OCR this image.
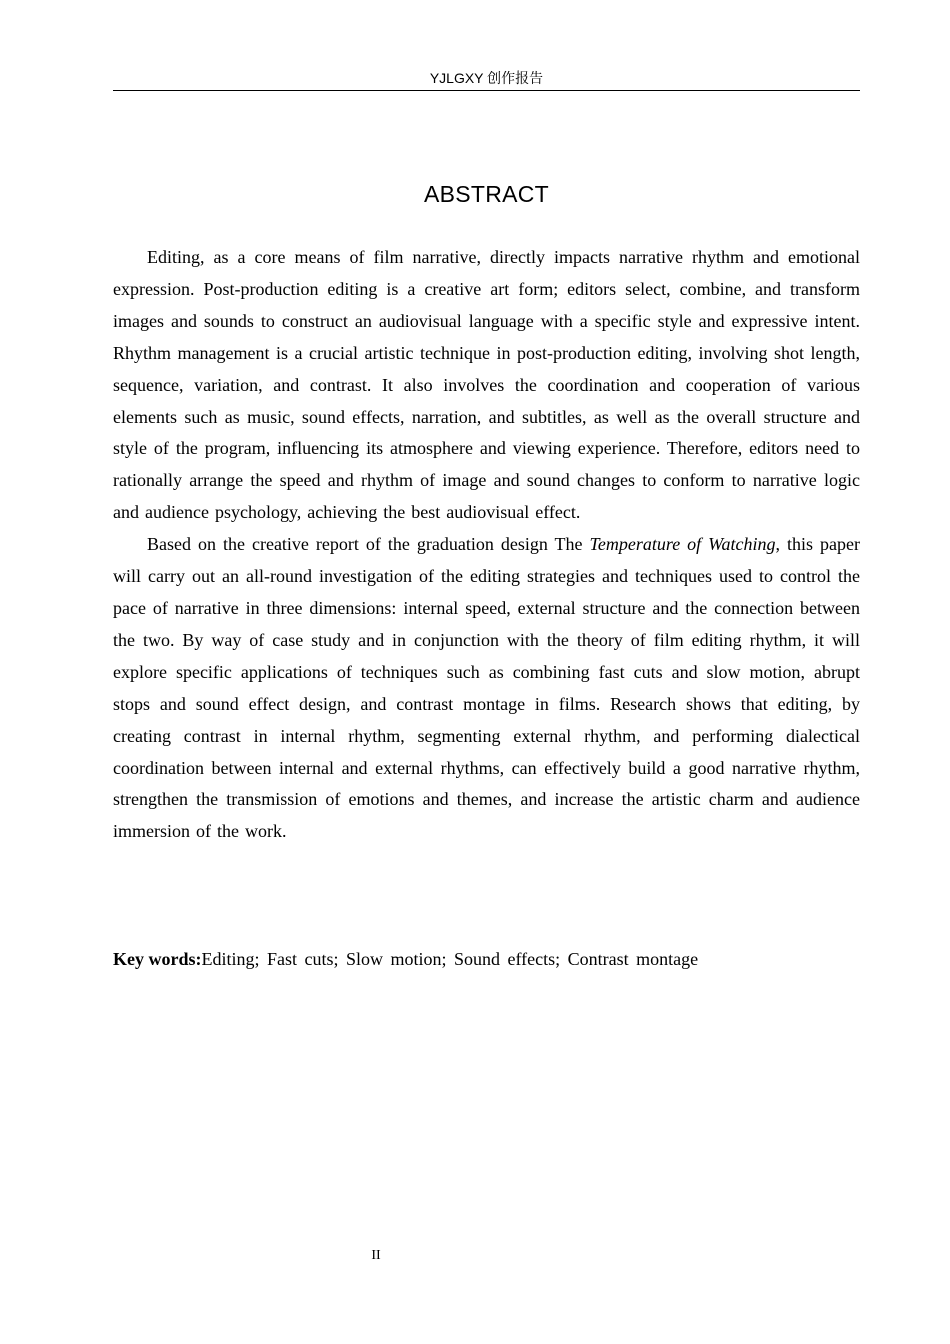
YJLGXY 创作报告
ABSTRACT

Editing, as a core means of film narrative, directly impacts narrative rhythm and emotional expression. Post-production editing is a creative art form; editors select, combine, and transform images and sounds to construct an audiovisual language with a specific style and expressive intent. Rhythm management is a crucial artistic technique in post-production editing, involving shot length, sequence, variation, and contrast. It also involves the coordination and cooperation of various elements such as music, sound effects, narration, and subtitles, as well as the overall structure and style of the program, influencing its atmosphere and viewing experience. Therefore, editors need to rationally arrange the speed and rhythm of image and sound changes to conform to narrative logic and audience psychology, achieving the best audiovisual effect.

Based on the creative report of the graduation design The Temperature of Watching, this paper will carry out an all-round investigation of the editing strategies and techniques used to control the pace of narrative in three dimensions: internal speed, external structure and the connection between the two. By way of case study and in conjunction with the theory of film editing rhythm, it will explore specific applications of techniques such as combining fast cuts and slow motion, abrupt stops and sound effect design, and contrast montage in films. Research shows that editing, by creating contrast in internal rhythm, segmenting external rhythm, and performing dialectical coordination between internal and external rhythms, can effectively build a good narrative rhythm, strengthen the transmission of emotions and themes, and increase the artistic charm and audience immersion of the work.

Key words:Editing; Fast cuts; Slow motion; Sound effects; Contrast montage
II
